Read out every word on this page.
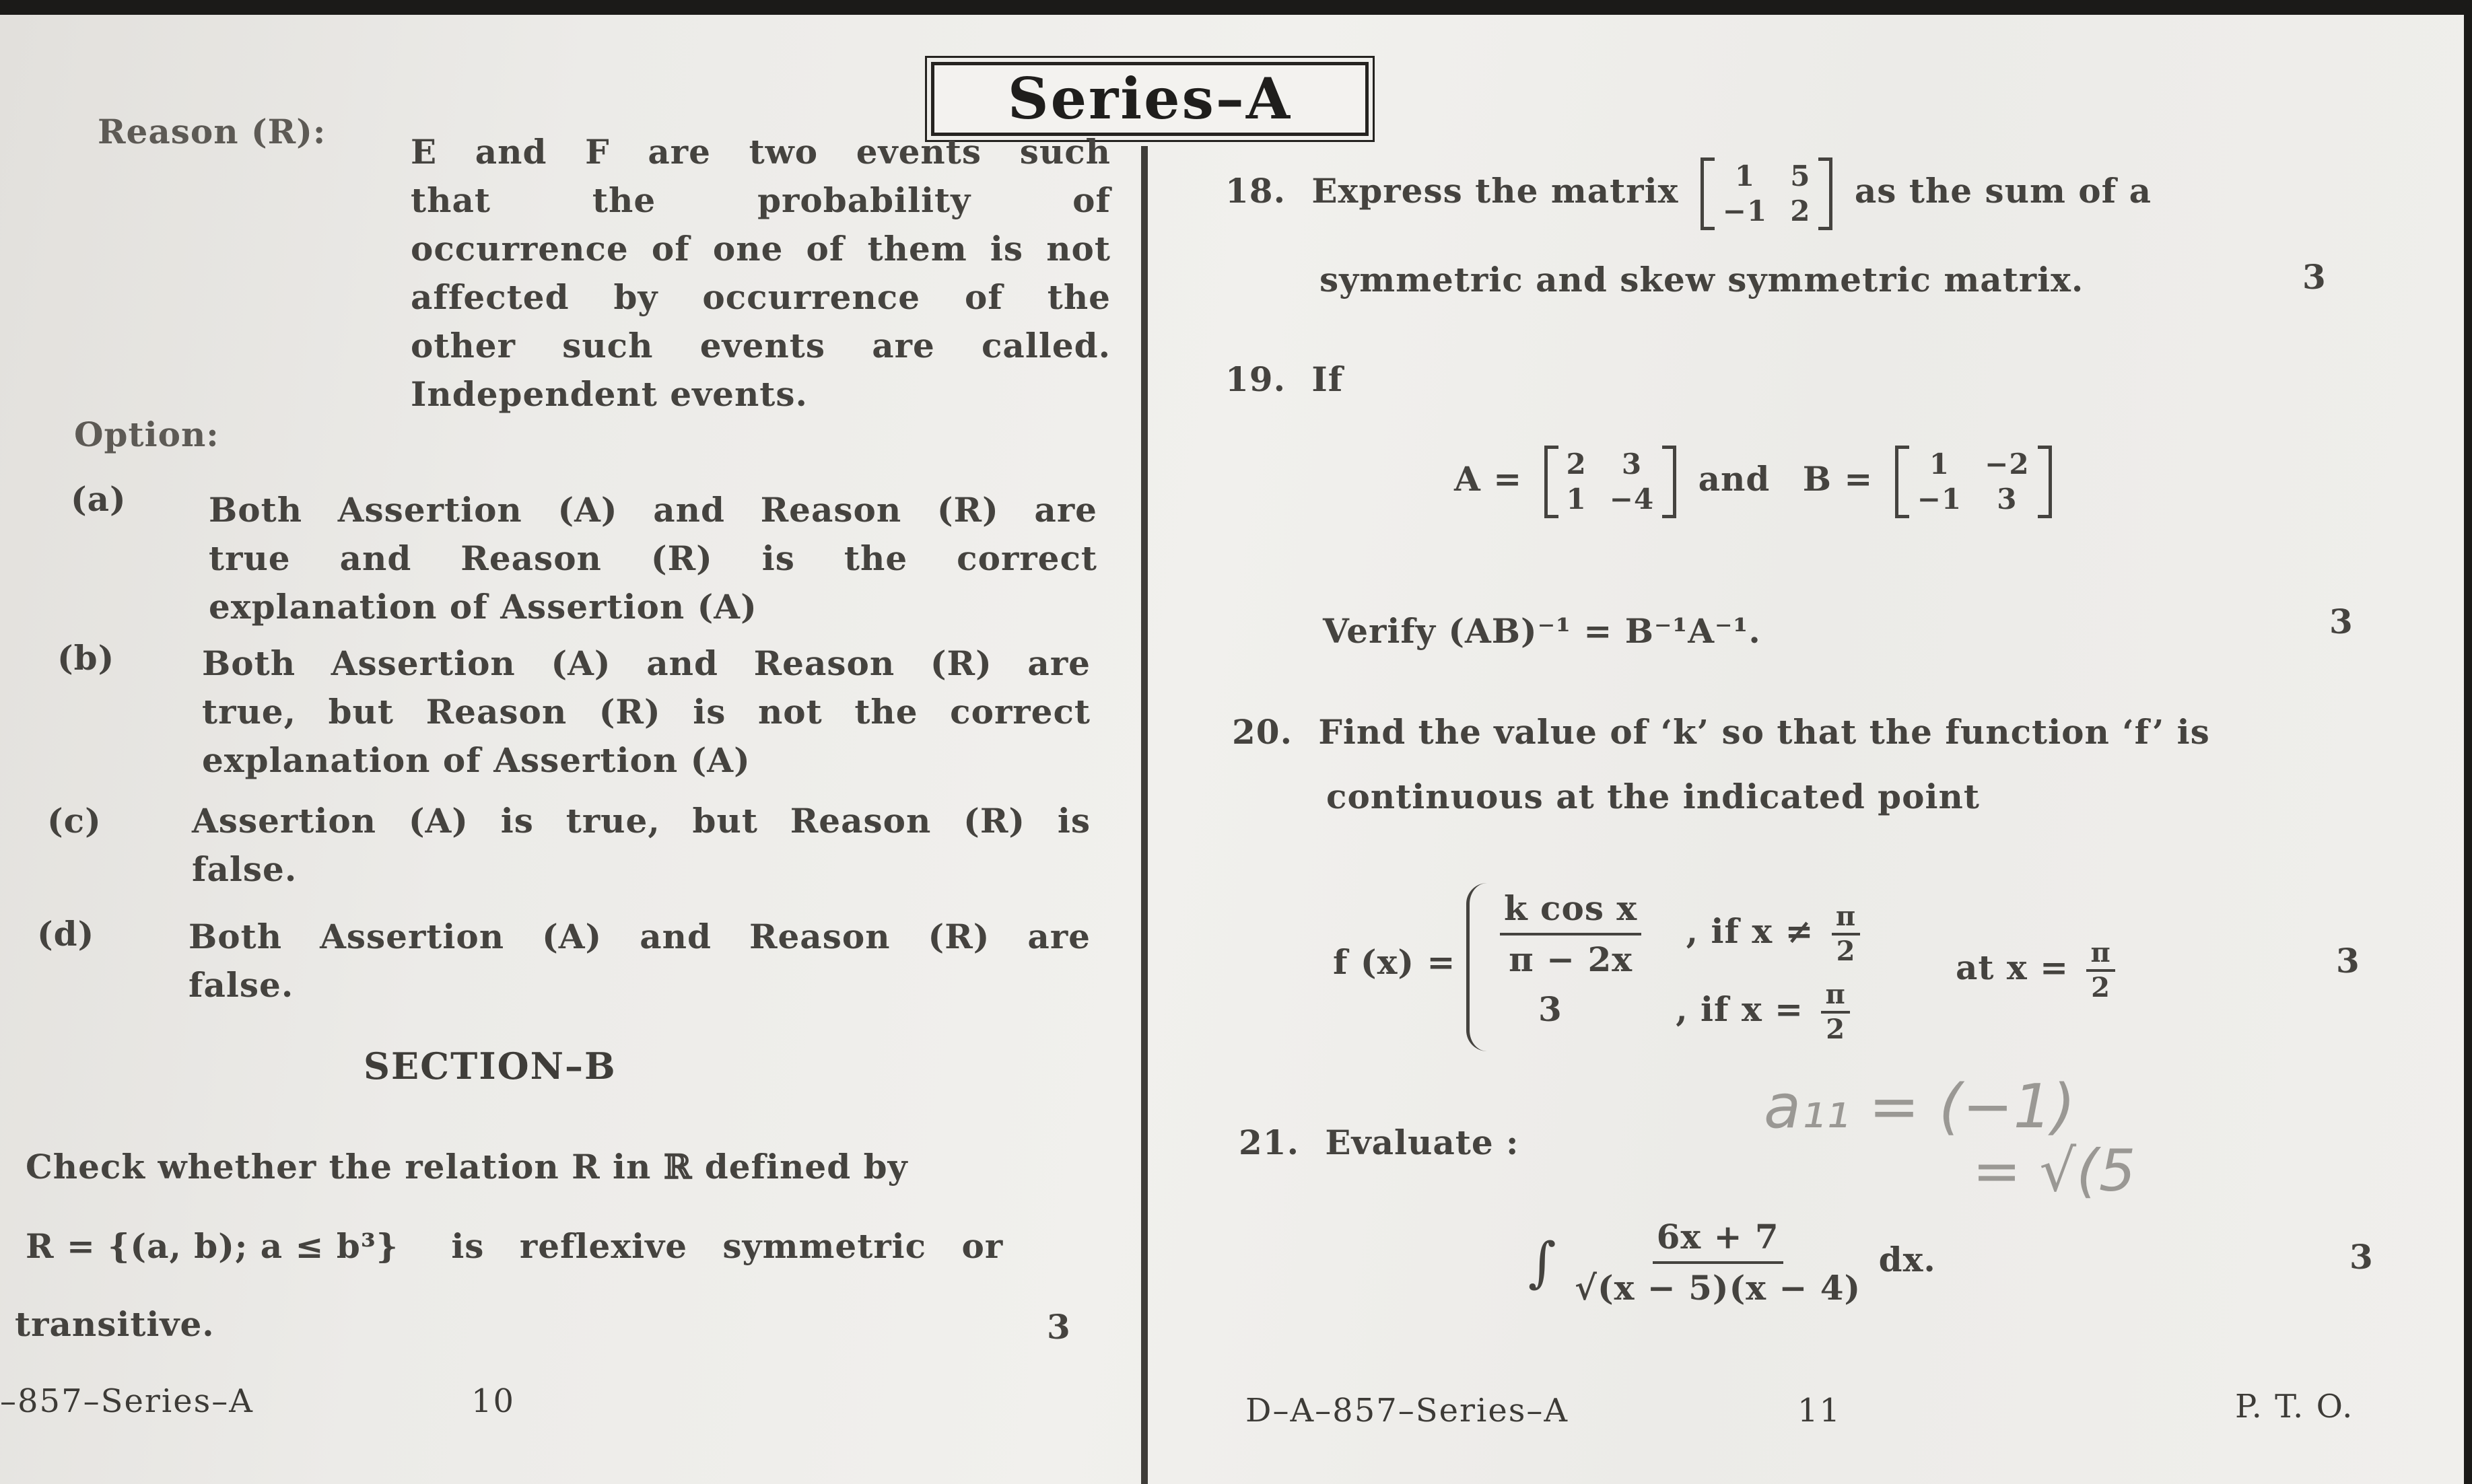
Series–A
Reason (R):
E and F are two events such
that the probability of
occurrence of one of them is not
affected by occurrence of the
other such events are called.
Independent events.
Option:
(a) Both Assertion (A) and Reason (R) are
true and Reason (R) is the correct
explanation of Assertion (A)
(b)	Both Assertion (A) and Reason (R) are
true, but Reason (R) is not the correct
explanation of Assertion (A)
(c)	Assertion (A) is true, but Reason (R) is
false.
(d)	Both Assertion (A) and Reason (R) are
false.
SECTION–B
Check whether the relation R in ℝ defined by
R = {(a, b); a ≤ b³} is reflexive symmetric or
transitive.	3
–857–Series–A	10
18. Express the matrix	1	5
−1 2
as the sum of a
symmetric and skew symmetric matrix.	3
19. If
A = 2	3
1 −4
and B =	1	−2
−1	3
Verify (AB)⁻¹ = B⁻¹A⁻¹.	3
20. Find the value of ‘k’ so that the function ‘f’ is
continuous at the indicated point
f $(x) = \frac{\text{k cos x}}{\pi - 2x}$ , if $x \ne \frac{\pi}{2}$	at $x = \frac{\pi}{2}$
3	, if $x = \frac{\pi}{2}$
3
21. Evaluate :
∫ $\frac{6x + 7}{√(x - 5)(x - 4)}$ dx.	3
a₁₁ = (−1)
= √(5
D–A–857–Series–A	11	P. T. O.
